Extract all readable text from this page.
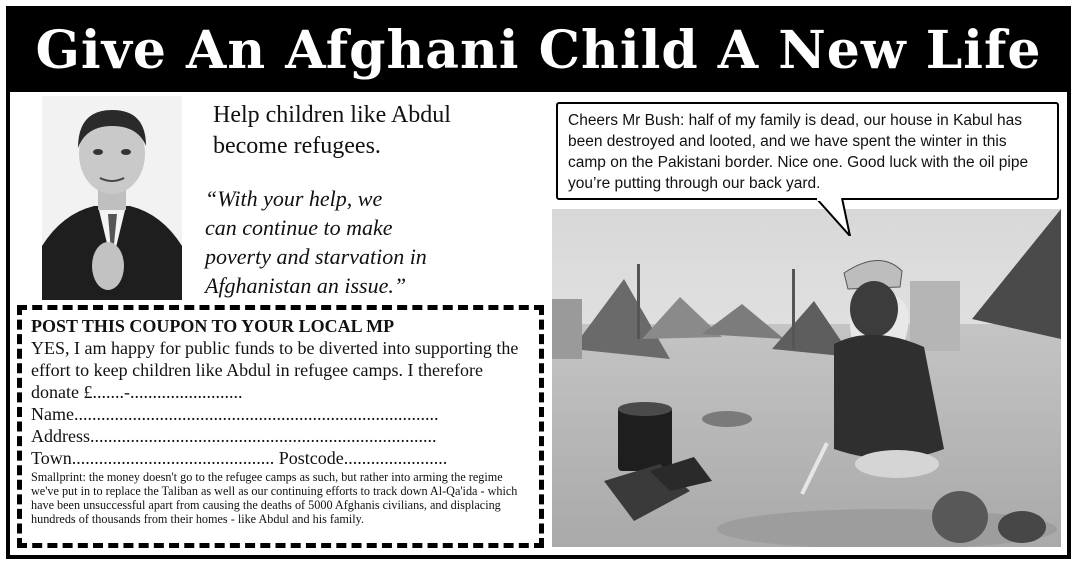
Give An Afghani Child A New Life
Help children like Abdul
become refugees.
“With your help, we
can continue to make
poverty and starvation in
Afghanistan an issue.”
POST THIS COUPON TO YOUR LOCAL MP
YES, I am happy for public funds to be diverted into supporting the effort to keep children like Abdul in refugee camps. I therefore donate £.......-.........................
Name.................................................................................
Address.............................................................................
Town............................................. Postcode.......................
Smallprint: the money doesn't go to the refugee camps as such, but rather into arming the regime we've put in to replace the Taliban as well as our continuing efforts to track down Al-Qa'ida - which have been unsuccessful apart from causing the deaths of 5000 Afghanis civilians, and displacing hundreds of thousands from their homes - like Abdul and his family.
Cheers Mr Bush: half of my family is dead, our house in Kabul has been destroyed and looted, and we have spent the winter in this camp on the Pakistani border. Nice one. Good luck with the oil pipe you’re putting through our back yard.
